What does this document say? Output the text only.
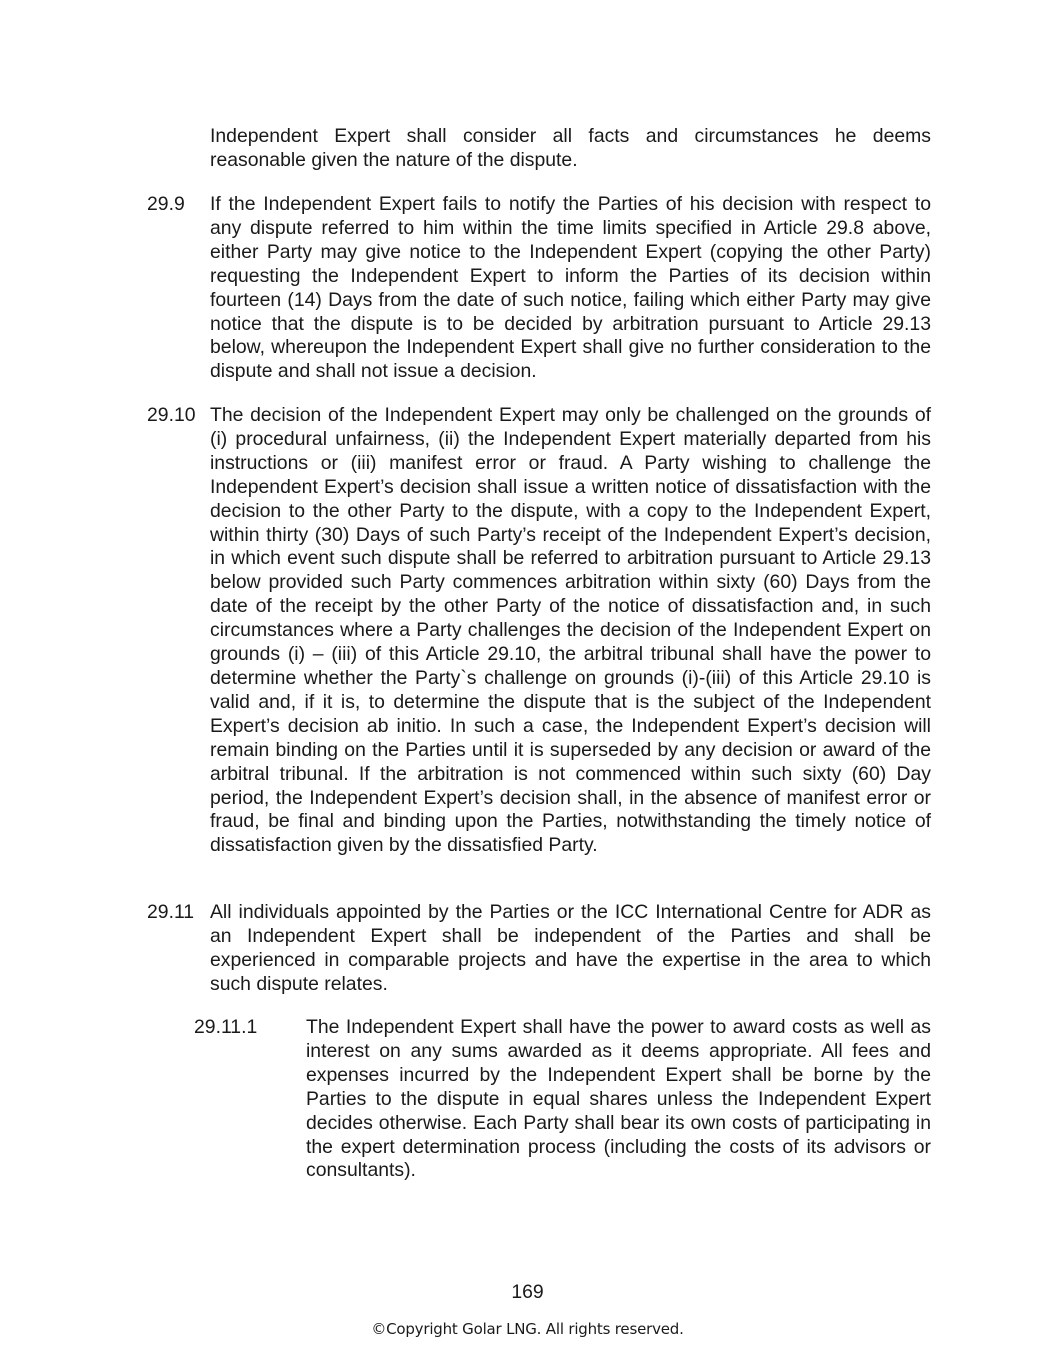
Independent Expert shall consider all facts and circumstances he deems reasonable given the nature of the dispute.

29.9 If the Independent Expert fails to notify the Parties of his decision with respect to any dispute referred to him within the time limits specified in Article 29.8 above, either Party may give notice to the Independent Expert (copying the other Party) requesting the Independent Expert to inform the Parties of its decision within fourteen (14) Days from the date of such notice, failing which either Party may give notice that the dispute is to be decided by arbitration pursuant to Article 29.13 below, whereupon the Independent Expert shall give no further consideration to the dispute and shall not issue a decision.

29.10 The decision of the Independent Expert may only be challenged on the grounds of (i) procedural unfairness, (ii) the Independent Expert materially departed from his instructions or (iii) manifest error or fraud. A Party wishing to challenge the Independent Expert’s decision shall issue a written notice of dissatisfaction with the decision to the other Party to the dispute, with a copy to the Independent Expert, within thirty (30) Days of such Party’s receipt of the Independent Expert’s decision, in which event such dispute shall be referred to arbitration pursuant to Article 29.13 below provided such Party commences arbitration within sixty (60) Days from the date of the receipt by the other Party of the notice of dissatisfaction and, in such circumstances where a Party challenges the decision of the Independent Expert on grounds (i) – (iii) of this Article 29.10, the arbitral tribunal shall have the power to determine whether the Party`s challenge on grounds (i)-(iii) of this Article 29.10 is valid and, if it is, to determine the dispute that is the subject of the Independent Expert’s decision ab initio. In such a case, the Independent Expert’s decision will remain binding on the Parties until it is superseded by any decision or award of the arbitral tribunal. If the arbitration is not commenced within such sixty (60) Day period, the Independent Expert’s decision shall, in the absence of manifest error or fraud, be final and binding upon the Parties, notwithstanding the timely notice of dissatisfaction given by the dissatisfied Party.

29.11 All individuals appointed by the Parties or the ICC International Centre for ADR as an Independent Expert shall be independent of the Parties and shall be experienced in comparable projects and have the expertise in the area to which such dispute relates.

29.11.1	The Independent Expert shall have the power to award costs as well as interest on any sums awarded as it deems appropriate. All fees and expenses incurred by the Independent Expert shall be borne by the Parties to the dispute in equal shares unless the Independent Expert decides otherwise. Each Party shall bear its own costs of participating in the expert determination process (including the costs of its advisors or consultants).

169
©Copyright Golar LNG. All rights reserved.
